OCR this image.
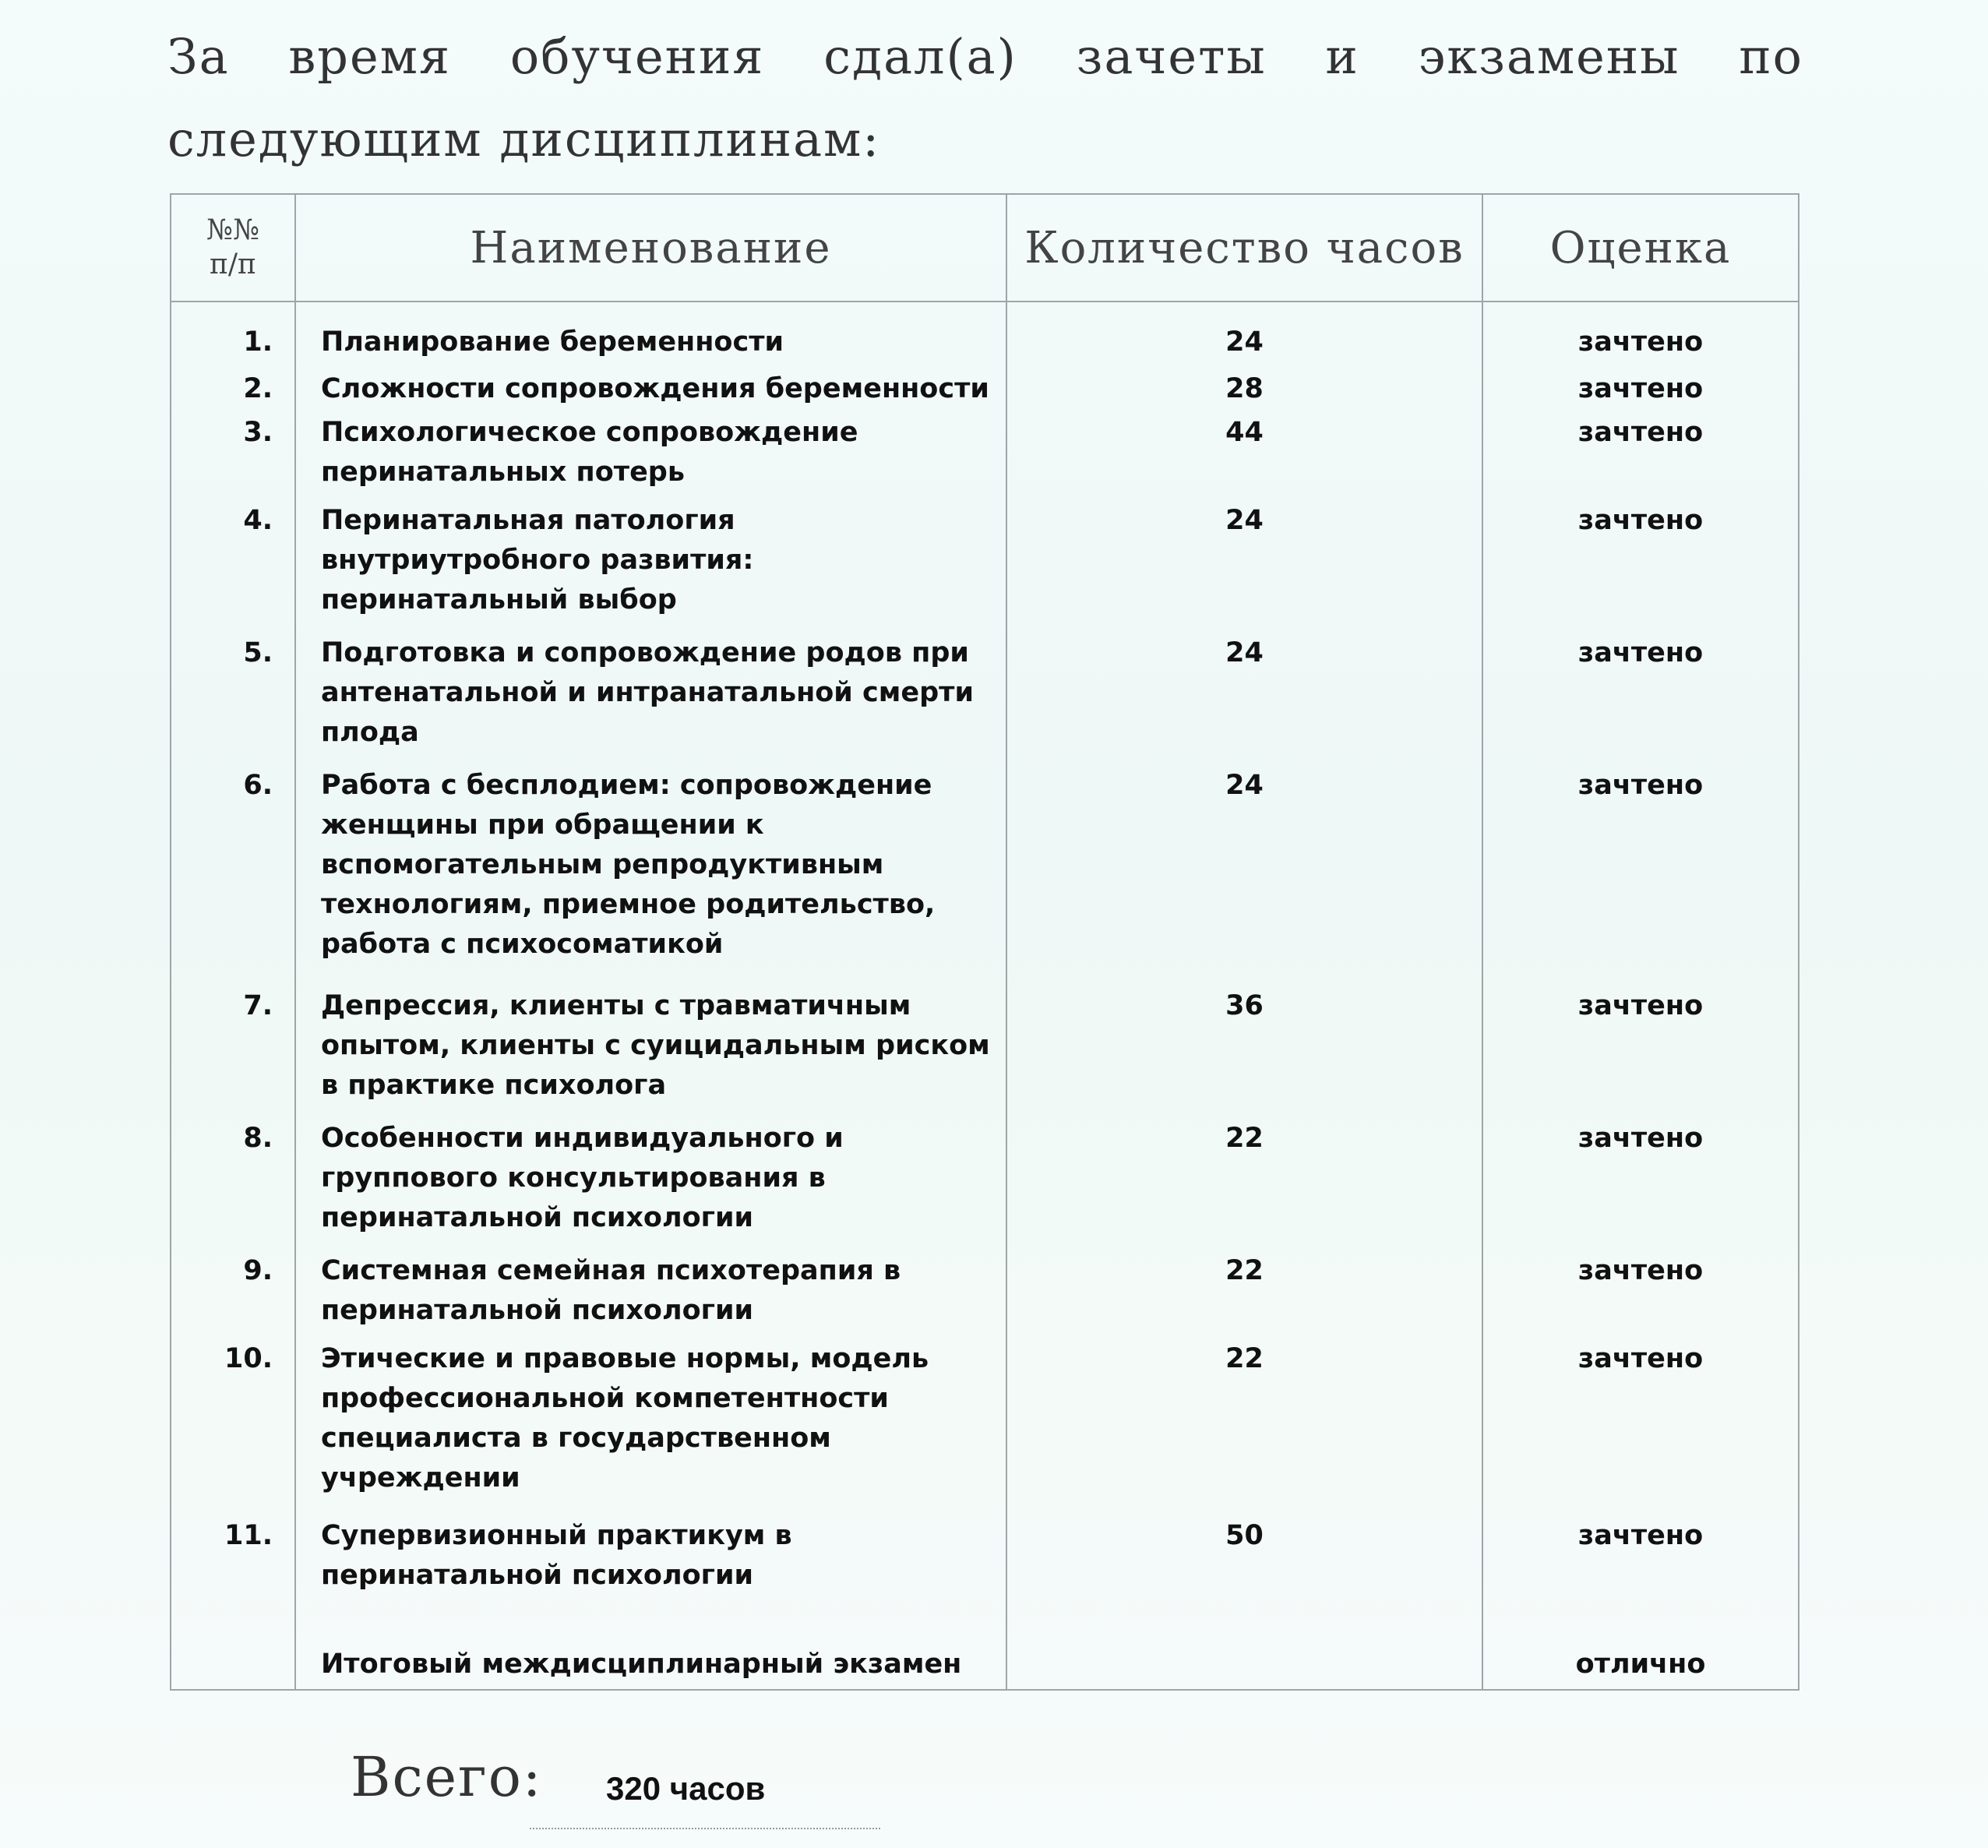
За время обучения сдал(а) зачеты и экзамены по следующим дисциплинам:
№№ п/п	Наименование	Количество часов	Оценка
1.	Планирование беременности	24	зачтено
2.	Сложности сопровождения беременности	28	зачтено
3.	Психологическое сопровождение перинатальных потерь	44	зачтено
4.	Перинатальная патология внутриутробного развития: перинатальный выбор	24	зачтено
5.	Подготовка и сопровождение родов при антенатальной и интранатальной смерти плода	24	зачтено
6.	Работа с бесплодием: сопровождение женщины при обращении к вспомогательным репродуктивным технологиям, приемное родительство, работа с психосоматикой	24	зачтено
7.	Депрессия, клиенты с травматичным опытом, клиенты с суицидальным риском в практике психолога	36	зачтено
8.	Особенности индивидуального и группового консультирования в перинатальной психологии	22	зачтено
9.	Системная семейная психотерапия в перинатальной психологии	22	зачтено
10.	Этические и правовые нормы, модель профессиональной компетентности специалиста в государственном учреждении	22	зачтено
11.	Супервизионный практикум в перинатальной психологии	50	зачтено

	Итоговый междисциплинарный экзамен		отлично

Всего: 320 часов
